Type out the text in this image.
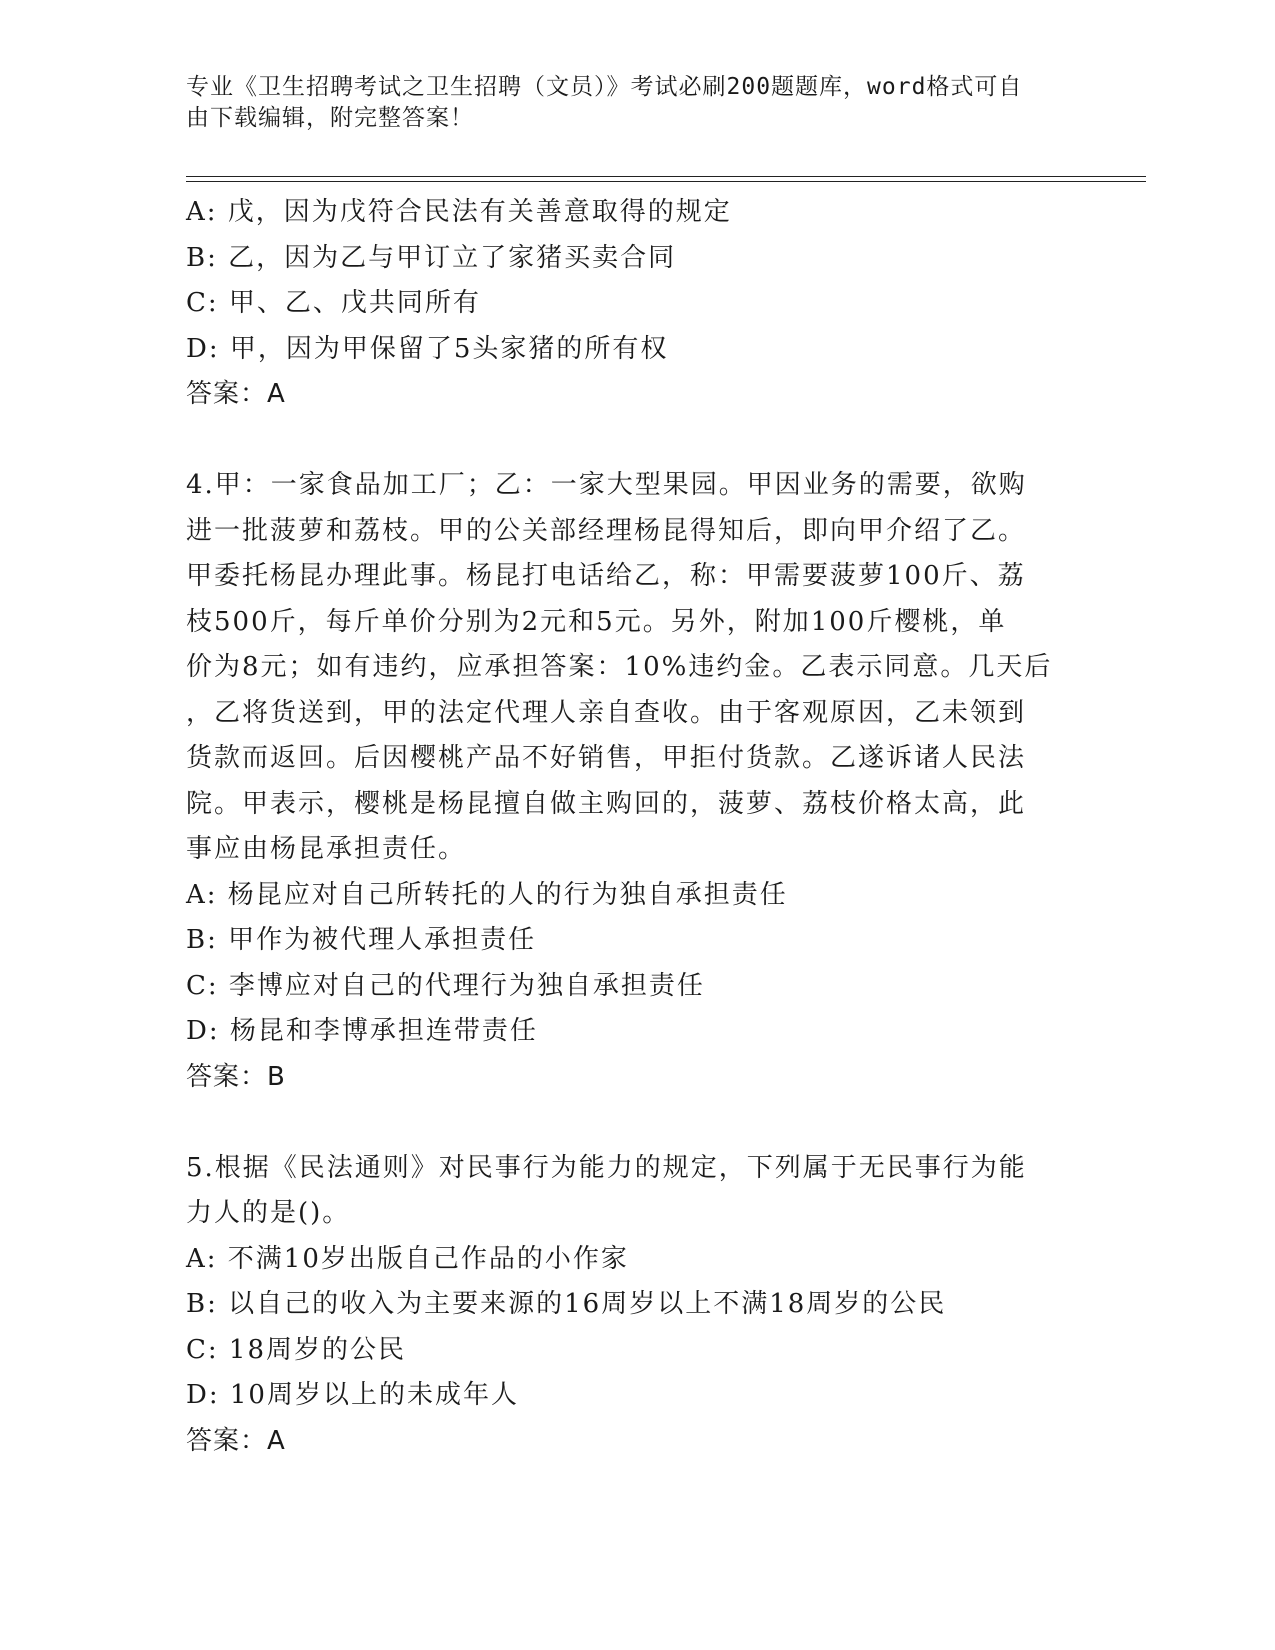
专业《卫生招聘考试之卫生招聘（文员）》考试必刷200题题库，word格式可自
由下载编辑，附完整答案！
A: 戊，因为戊符合民法有关善意取得的规定
B: 乙，因为乙与甲订立了家猪买卖合同
C: 甲、乙、戊共同所有
D: 甲，因为甲保留了5头家猪的所有权
答案：A
4.甲：一家食品加工厂；乙：一家大型果园。甲因业务的需要，欲购
进一批菠萝和荔枝。甲的公关部经理杨昆得知后，即向甲介绍了乙。
甲委托杨昆办理此事。杨昆打电话给乙，称：甲需要菠萝100斤、荔
枝500斤，每斤单价分别为2元和5元。另外，附加100斤樱桃，单
价为8元；如有违约，应承担答案：10%违约金。乙表示同意。几天后
，乙将货送到，甲的法定代理人亲自查收。由于客观原因，乙未领到
货款而返回。后因樱桃产品不好销售，甲拒付货款。乙遂诉诸人民法
院。甲表示，樱桃是杨昆擅自做主购回的，菠萝、荔枝价格太高，此
事应由杨昆承担责任。
A: 杨昆应对自己所转托的人的行为独自承担责任
B: 甲作为被代理人承担责任
C: 李博应对自己的代理行为独自承担责任
D: 杨昆和李博承担连带责任
答案：B
5.根据《民法通则》对民事行为能力的规定，下列属于无民事行为能
力人的是()。
A: 不满10岁出版自己作品的小作家
B: 以自己的收入为主要来源的16周岁以上不满18周岁的公民
C: 18周岁的公民
D: 10周岁以上的未成年人
答案：A
